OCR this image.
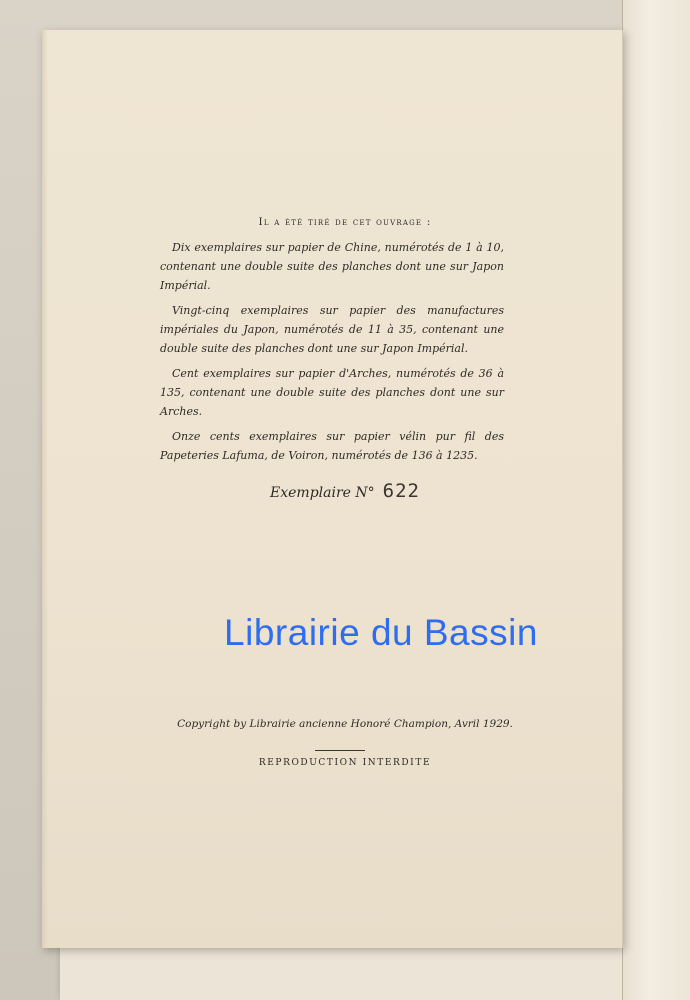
Il a été tiré de cet ouvrage :

Dix exemplaires sur papier de Chine, numérotés de 1 à 10, contenant une double suite des planches dont une sur Japon Impérial.

Vingt-cinq exemplaires sur papier des manufactures impériales du Japon, numérotés de 11 à 35, contenant une double suite des planches dont une sur Japon Impérial.

Cent exemplaires sur papier d'Arches, numérotés de 36 à 135, contenant une double suite des planches dont une sur Arches.

Onze cents exemplaires sur papier vélin pur fil des Papeteries Lafuma, de Voiron, numérotés de 136 à 1235.

Exemplaire N° 622
Librairie du Bassin
Copyright by Librairie ancienne Honoré Champion, Avril 1929.
REPRODUCTION INTERDITE
